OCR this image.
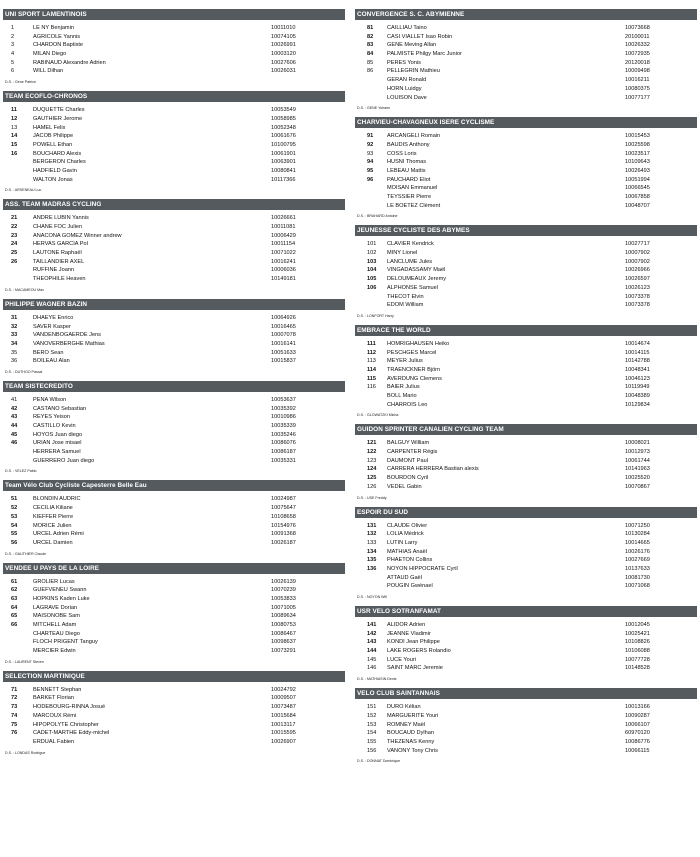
UNI SPORT LAMENTINOIS
1	LE NY Benjamin	10011010
2	AGRICOLE Yannis	10074105
3	CHARDON Baptiste	10026991
4	MILAN Diego	10003120
5	RABINAUD Alexandre Adrien	10027606
6	WILL Dilhan	10026031
D.S. : Gene Patrice
TEAM ECOFLO-CHRONOS
11	DUQUETTE Charles	10053549
12	GAUTHIER Jerome	10058985
13	HAMEL Felix	10052348
14	JACOB Philippe	10061676
15	POWELL Ethan	10100795
16	BOUCHARD Alexis	10061901
BERGERON Charles	10063901
HADFIELD Gavin	10080841
WALTON Jonas	10117366
D.S. : ARSENEAU Luc
ASS. TEAM MADRAS CYCLING
21	ANDRE LUBIN Yannis	10026661
22	CHANE FOC Julien	10011081
23	ANACONA GOMEZ Winner andrew	10006429
24	HERVAS GARCIA Pol	10011154
25	LAUTONE Raphaël	10071022
26	TAILLANDIER AXEL	10016241
RUFFINE Joann	10006036
THEOPHILE Heaven	10149181
D.S. : MACAMEOU Max
PHILIPPE WAGNER BAZIN
31	DHAEYE Enrico	10064926
32	SAVER Kasper	10016465
33	VANDENBOGAERDE Jens	10007078
34	VANOVERBERGHE Mathias	10016141
35	BERO Sean	10051633
36	BOILEAU Alan	10015837
D.S. : DUTHOO Pascal
TEAM SISTECREDITO
41	PENA Wilson	10053637
42	CASTANO Sebastian	10035392
43	REYES Yeison	10010986
44	CASTILLO Kevin	10035339
45	HOYOS Juan diego	10035246
46	URIAN Jose misael	10086076
HERRERA Samuel	10086187
GUERRERO Juan diego	10035331
D.S. : VELEZ Pablo
Team Vélo Club Cycliste Capesterre Belle Eau
51	BLONDIN AUDRIC	10024987
52	CECILIA Kiliane	10075647
53	KIEFFER Pierre	10108658
54	MORICE Julien	10154976
55	URCEL Adrien Rémi	10091368
56	URCEL Damien	10026187
D.S. : GAUTHIER Claude
VENDEE U PAYS DE LA LOIRE
61	GROLIER Lucas	10026139
62	GUEFVENEU Swann	10070239
63	HOPKINS Kaden Luke	10053833
64	LAGRAVE Dorian	10071005
65	MAISONOBE Sam	10089634
66	MITCHELL Adam	10080753
CHARTEAU Diego	10086467
FLOCH PRIGENT Tanguy	10098637
MERCIER Edwin	10073291
D.S. : LAURENT Steven
SELECTION MARTINIQUE
71	BENNETT Stephan	10024792
72	BARKET Florian	10009507
73	HODEBOURG-RINNA Josué	10073487
74	MARCOUX Rémi	10015684
75	HIPOPOLYTE Christopher	10013117
76	CADET-MARTHE Eddy-michel	10015595
ERDUAL Fabien	10026907
D.S. : LONDAS Rodrigue
CONVERGENCE S. C. ABYMIENNE
81	CAILLIAU Taino	10073668
82	CASI VIALLET Isao Robin	20100011
83	GENE Meving Allan	10026332
84	PALMISTE Philgy Marc Junior	10072935
85	PERES Yonis	20120018
86	PELLEGRIN Mathieu	10009498
GERAN Ronald	10016211
HORN Luidgy	10080375
LOUISON Dave	10077177
D.S. : GENE Yohann
CHARVIEU-CHAVAGNEUX ISERE CYCLISME
91	ARCANGELI Romain	10015453
92	BAUDIS Anthony	10025598
93	COSS Loris	10023517
94	HUSNI Thomas	10109643
95	LEBEAU Mattis	10026493
96	PAUCHARD Eliot	10051994
MOISAN Emmanuel	10066545
TEYSSIER Pierre	10067858
LE BOETEZ Clément	10048707
D.S. : BRAHARD Antoine
JEUNESSE CYCLISTE DES ABYMES
101	CLAVIER Kendrick	10027717
102	MINY Lionel	10007902
103	LANCLUME Jules	10007902
104	VINGADASSAMY Maël	10026966
105	DELOUMEAUX Jeremy	10026597
106	ALPHONSE Samuel	10026123
THECOT Elvin	10073378
EDOM William	10073378
D.S. : LONFORT Harry
EMBRACE THE WORLD
111	HOMRIGHAUSEN Heiko	10014674
112	PESCHGES Marcel	10014115
113	MEYER Julius	10142788
114	TRAENCKNER Björn	10048341
115	AVERDUNG Clemens	10046123
116	BAIER Julius	10119949
BOLL Mario	10048389
CHARROIS Leo	10129834
D.S. : GLOWATZKI Micha
GUIDON SPRINTER CANALIEN CYCLING TEAM
121	BALGUY William	10008021
122	CARPENTER Régis	10012973
123	DAUMONT Paul	10061744
124	CARRERA HERRERA Bastian alexis	10141963
125	BOURDON Cyril	10025520
126	VEDEL Gabin	10070867
D.S. : USE Freddy
ESPOIR DU SUD
131	CLAUDE Olivier	10071250
132	LOLIA Médrick	10130284
133	LUTIN Larry	10014665
134	MATHIAS Anaël	10026176
135	PHAETON Collins	10027669
136	NOYON HIPPOCRATE Cyril	10137633
ATTAUD Gaël	10081730
POUGIN Gwénael	10071068
D.S. : NOYON Will
USR VELO SOTRANFAMAT
141	ALIDOR Adrien	10012045
142	JEANNE Vladimir	10025421
143	KONDI Jean Philippe	10108826
144	LAKE ROGERS Rolandio	10106088
145	LUCE Youri	10077728
146	SAINT MARC Jeremie	10148528
D.S. : MATHIASIN Denis
VELO CLUB SAINTANNAIS
151	DURO Kélian	10013166
152	MARGUERITE Youri	10090287
153	ROMNEY Maël	10066107
154	BOUCAUD Dylhan	60970120
155	THEZENAS Kenny	10086776
156	VANONY Tony Chris	10066115
D.S. : DONNAT Dominique
